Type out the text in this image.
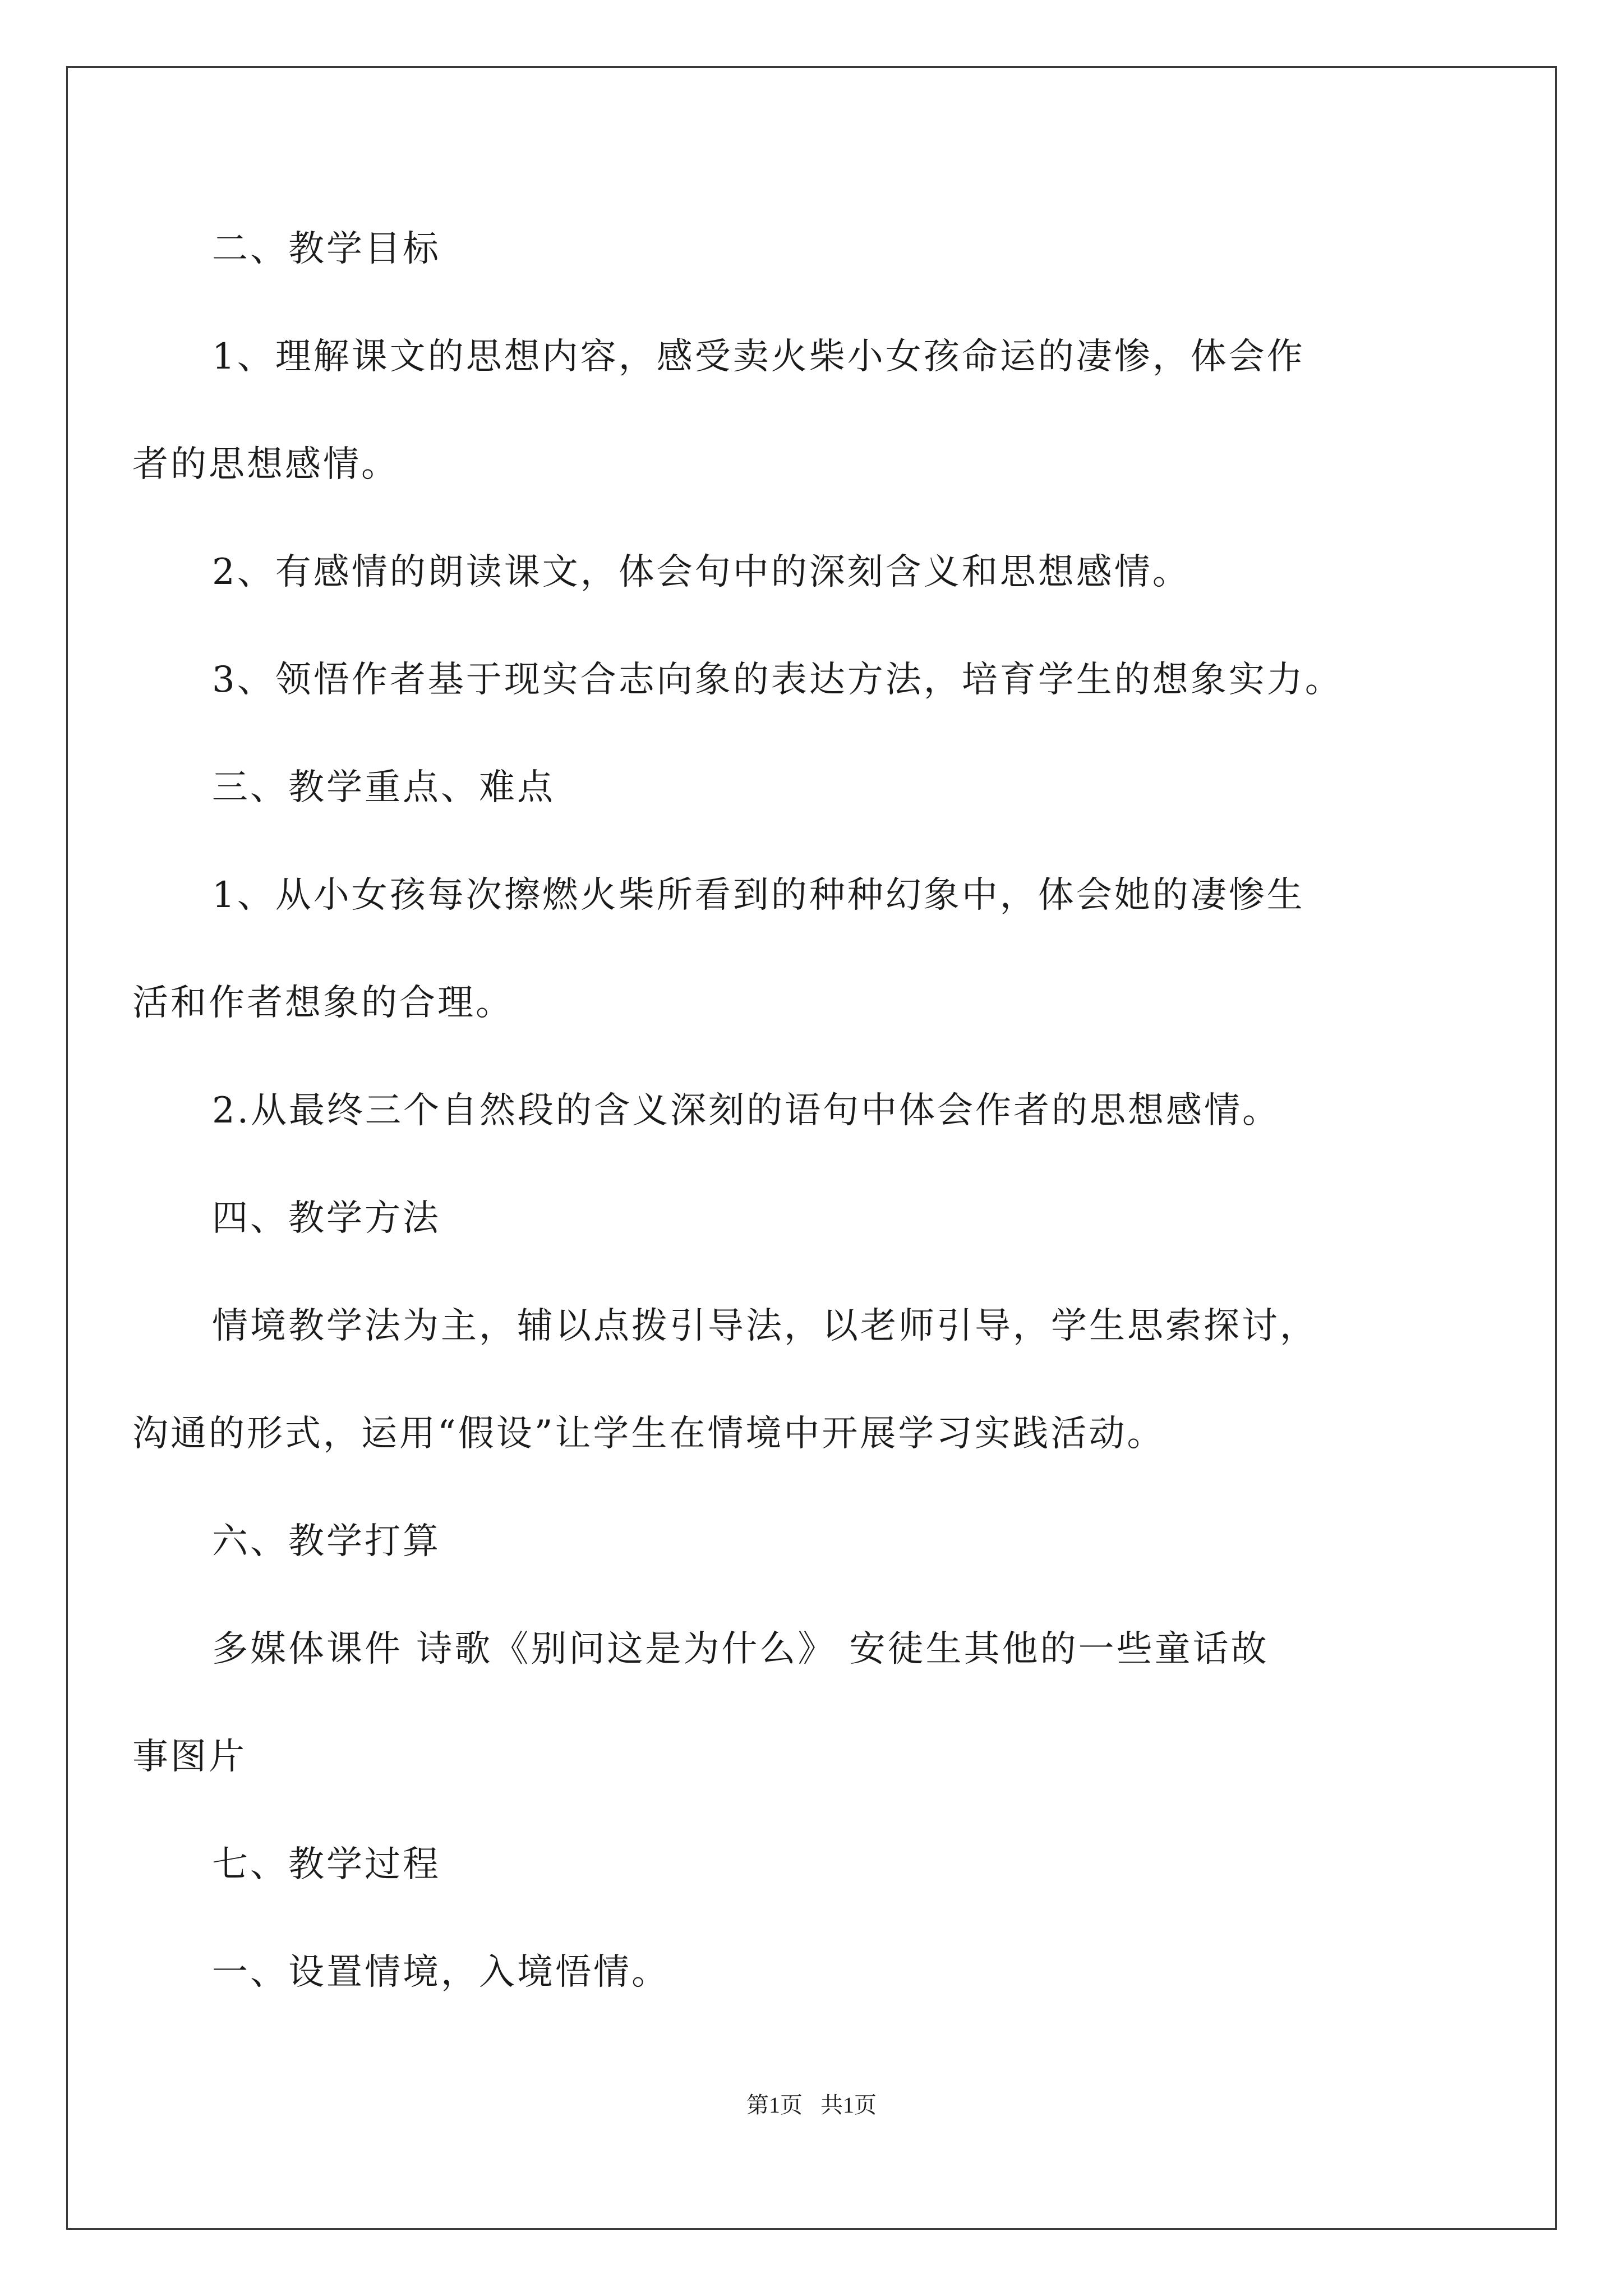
二、教学目标
1、理解课文的思想内容，感受卖火柴小女孩命运的凄惨，体会作
者的思想感情。
2、有感情的朗读课文，体会句中的深刻含义和思想感情。
3、领悟作者基于现实合志向象的表达方法，培育学生的想象实力。
三、教学重点、难点
1、从小女孩每次擦燃火柴所看到的种种幻象中，体会她的凄惨生
活和作者想象的合理。
2.从最终三个自然段的含义深刻的语句中体会作者的思想感情。
四、教学方法
情境教学法为主，辅以点拨引导法，以老师引导，学生思索探讨，
沟通的形式，运用“假设”让学生在情境中开展学习实践活动。
六、教学打算
多媒体课件 诗歌《别问这是为什么》 安徒生其他的一些童话故
事图片
七、教学过程
一、设置情境，入境悟情。
第1页 共1页
